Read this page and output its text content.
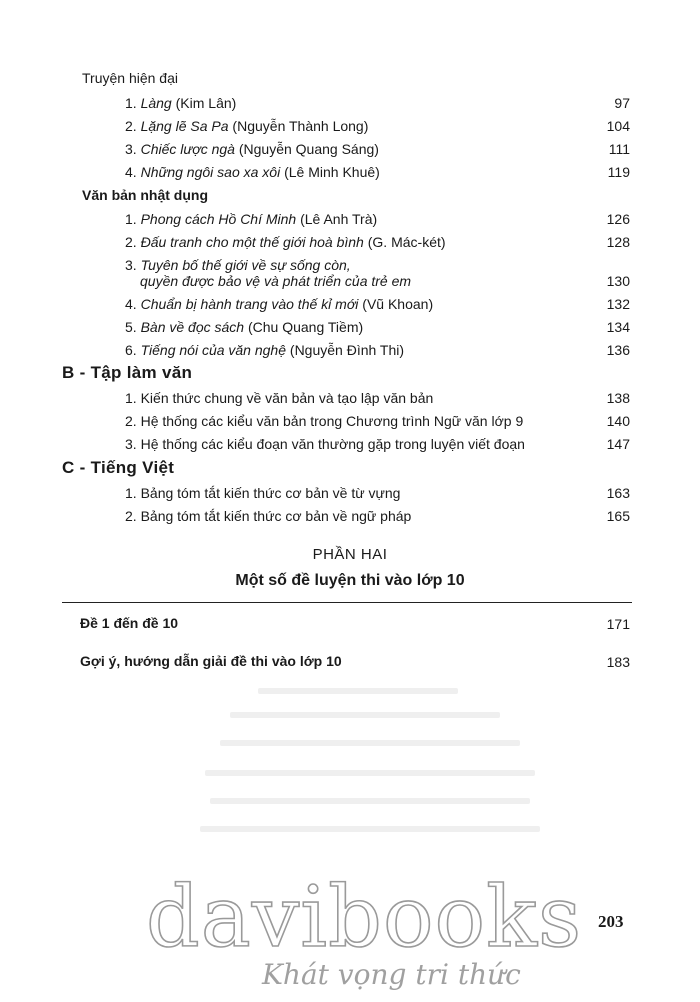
Truyện hiện đại
1. Làng (Kim Lân)	97
2. Lặng lẽ Sa Pa (Nguyễn Thành Long)	104
3. Chiếc lược ngà (Nguyễn Quang Sáng)	111
4. Những ngôi sao xa xôi (Lê Minh Khuê)	119
Văn bản nhật dụng
1. Phong cách Hồ Chí Minh (Lê Anh Trà)	126
2. Đấu tranh cho một thế giới hoà bình (G. Mác-két)	128
3. Tuyên bố thế giới về sự sống còn,
quyền được bảo vệ và phát triển của trẻ em	130
4. Chuẩn bị hành trang vào thế kỉ mới (Vũ Khoan)	132
5. Bàn về đọc sách (Chu Quang Tiềm)	134
6. Tiếng nói của văn nghệ (Nguyễn Đình Thi)	136
B - Tập làm văn
1. Kiến thức chung về văn bản và tạo lập văn bản	138
2. Hệ thống các kiểu văn bản trong Chương trình Ngữ văn lớp 9	140
3. Hệ thống các kiểu đoạn văn thường gặp trong luyện viết đoạn	147
C - Tiếng Việt
1. Bảng tóm tắt kiến thức cơ bản về từ vựng	163
2. Bảng tóm tắt kiến thức cơ bản về ngữ pháp	165
PHẦN HAI
Một số đề luyện thi vào lớp 10
Đề 1 đến đề 10	171
Gợi ý, hướng dẫn giải đề thi vào lớp 10	183
203
davibooks
Khát vọng tri thức
